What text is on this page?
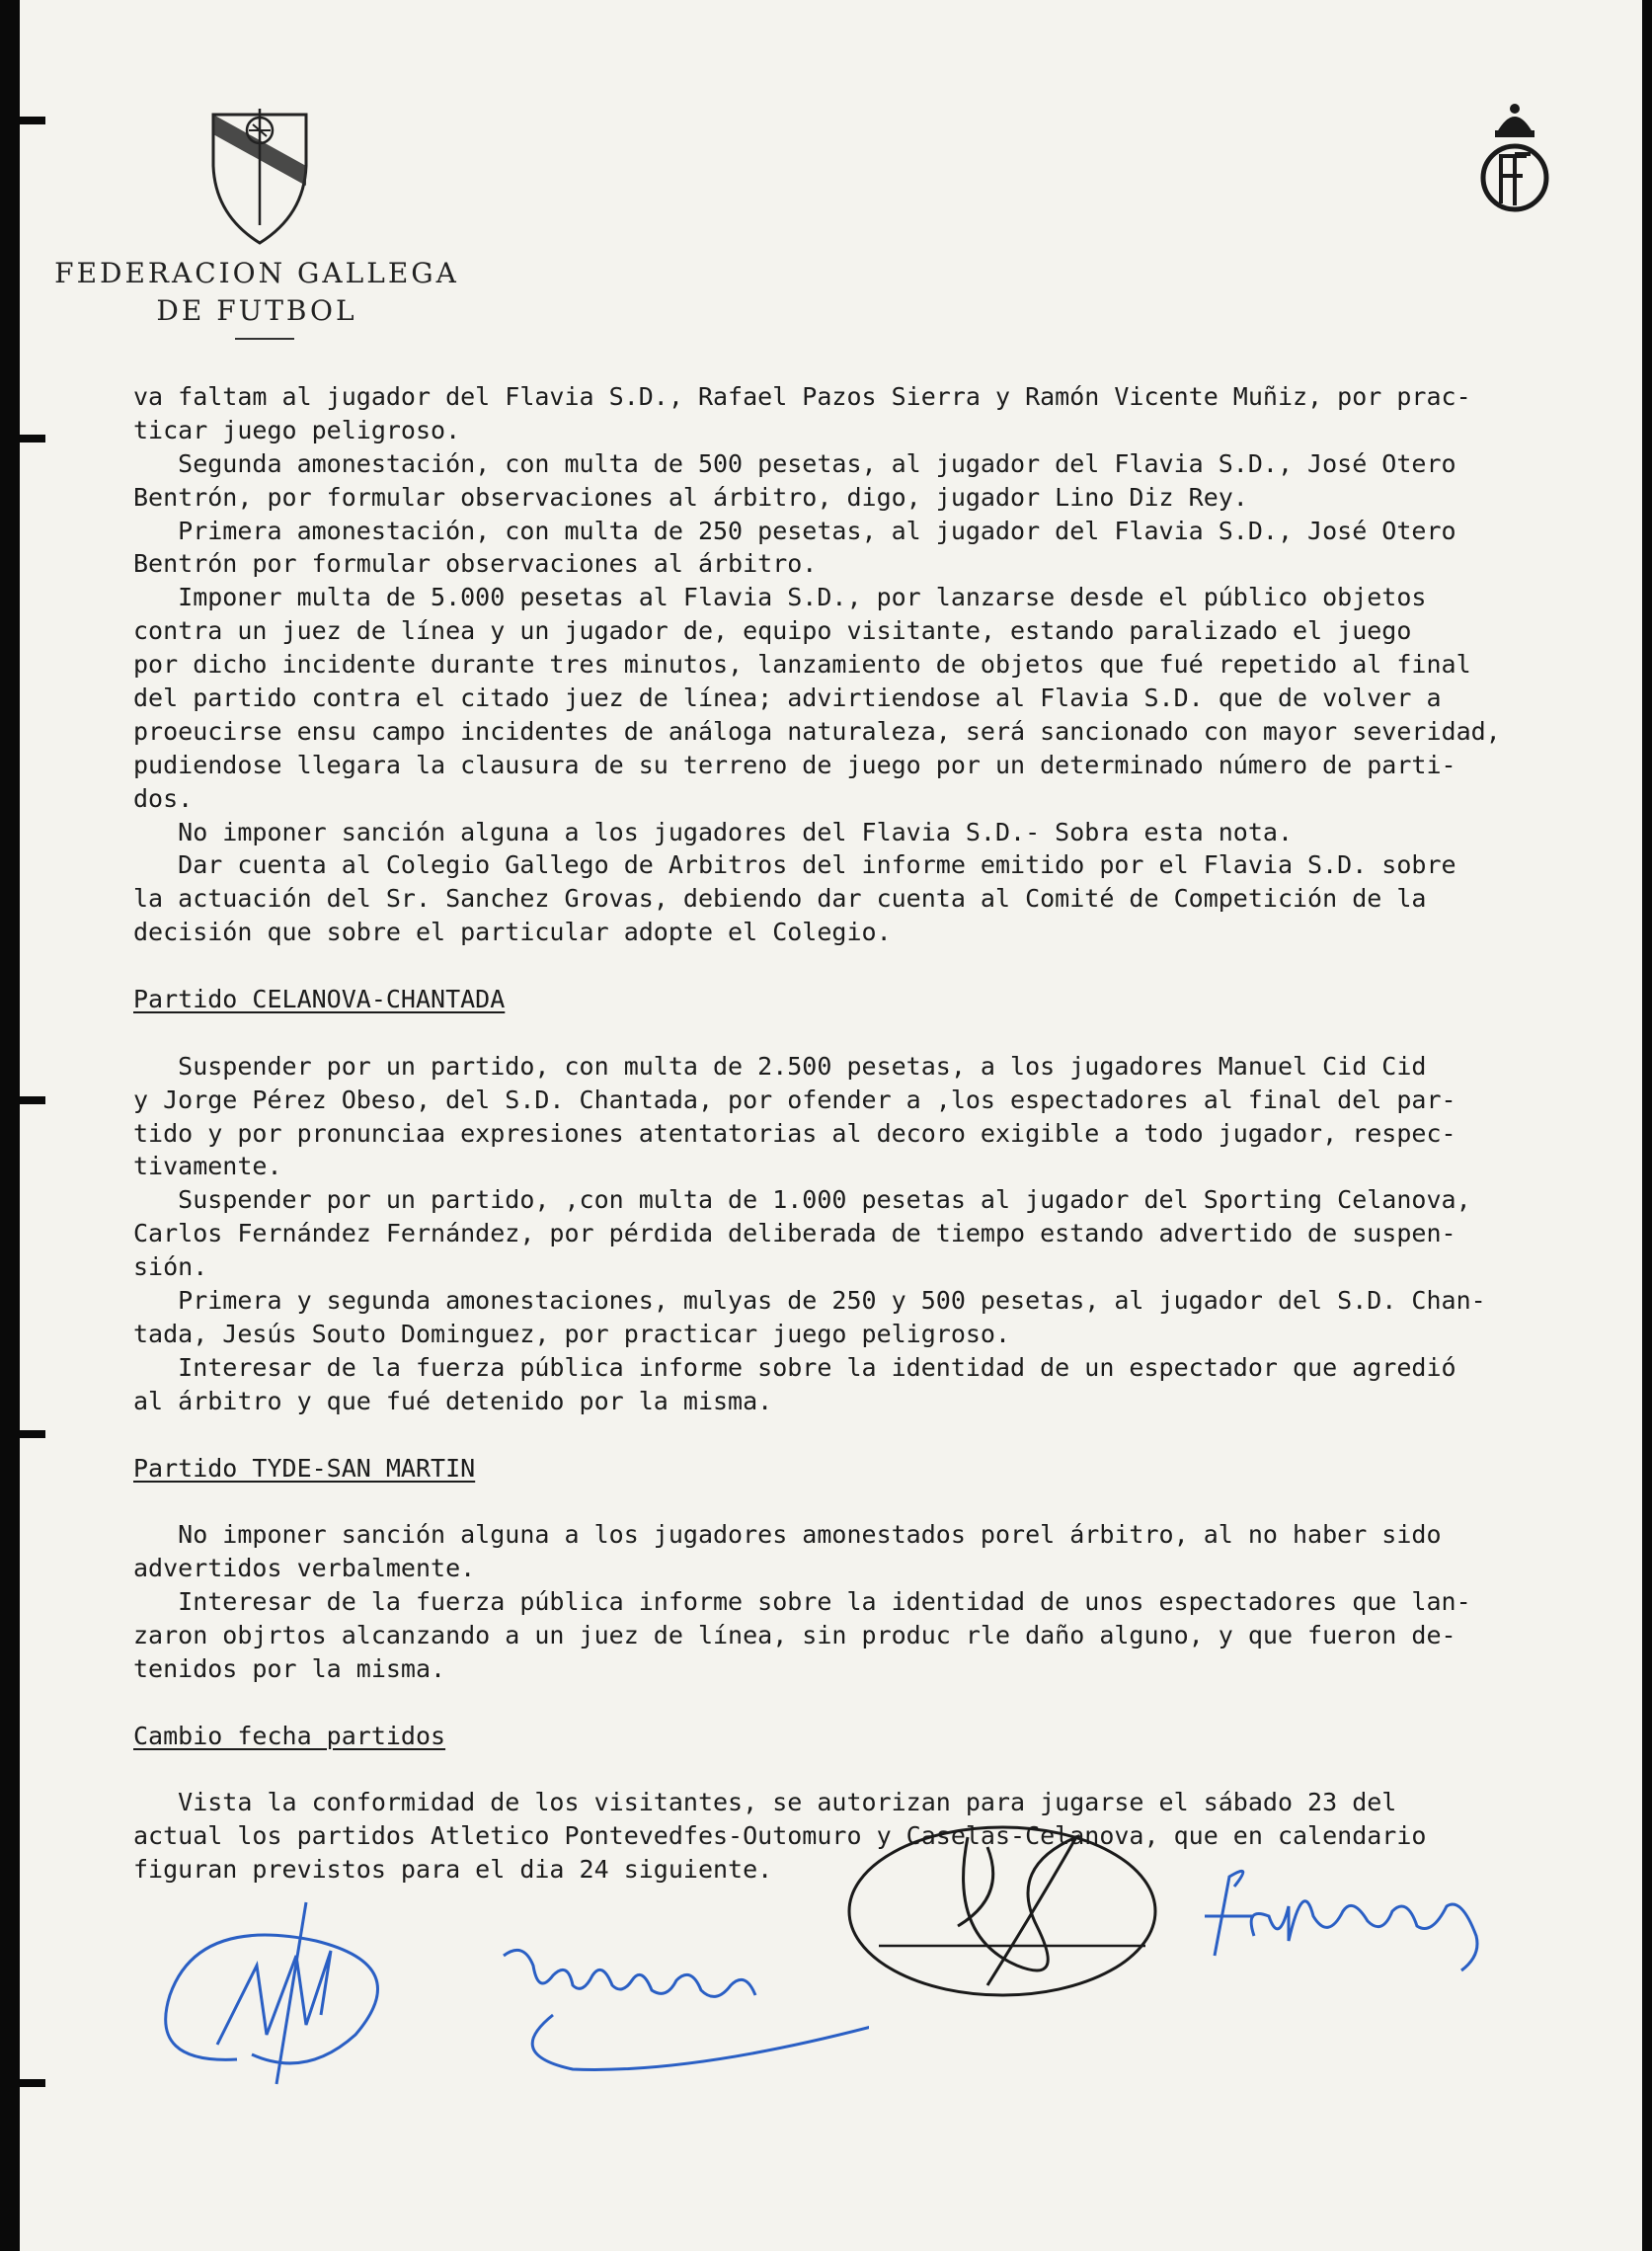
FEDERACION GALLEGA
DE FUTBOL
va faltam al jugador del Flavia S.D., Rafael Pazos Sierra y Ramón Vicente Muñiz, por prac-
ticar juego peligroso.
Segunda amonestación, con multa de 500 pesetas, al jugador del Flavia S.D., José Otero
Bentrón, por formular observaciones al árbitro, digo, jugador Lino Diz Rey.
Primera amonestación, con multa de 250 pesetas, al jugador del Flavia S.D., José Otero
Bentrón por formular observaciones al árbitro.
Imponer multa de 5.000 pesetas al Flavia S.D., por lanzarse desde el público objetos
contra un juez de línea y un jugador de, equipo visitante, estando paralizado el juego
por dicho incidente durante tres minutos, lanzamiento de objetos que fué repetido al final
del partido contra el citado juez de línea; advirtiendose al Flavia S.D. que de volver a
proeucirse ensu campo incidentes de análoga naturaleza, será sancionado con mayor severidad,
pudiendose llegara la clausura de su terreno de juego por un determinado número de parti-
dos.
No imponer sanción alguna a los jugadores del Flavia S.D.- Sobra esta nota.
Dar cuenta al Colegio Gallego de Arbitros del informe emitido por el Flavia S.D. sobre
la actuación del Sr. Sanchez Grovas, debiendo dar cuenta al Comité de Competición de la
decisión que sobre el particular adopte el Colegio.
Partido CELANOVA-CHANTADA
Suspender por un partido, con multa de 2.500 pesetas, a los jugadores Manuel Cid Cid
y Jorge Pérez Obeso, del S.D. Chantada, por ofender a ,los espectadores al final del par-
tido y por pronunciaa expresiones atentatorias al decoro exigible a todo jugador, respec-
tivamente.
Suspender por un partido, ,con multa de 1.000 pesetas al jugador del Sporting Celanova,
Carlos Fernández Fernández, por pérdida deliberada de tiempo estando advertido de suspen-
sión.
Primera y segunda amonestaciones, mulyas de 250 y 500 pesetas, al jugador del S.D. Chan-
tada, Jesús Souto Dominguez, por practicar juego peligroso.
Interesar de la fuerza pública informe sobre la identidad de un espectador que agredió
al árbitro y que fué detenido por la misma.
Partido TYDE-SAN MARTIN
No imponer sanción alguna a los jugadores amonestados porel árbitro, al no haber sido
advertidos verbalmente.
Interesar de la fuerza pública informe sobre la identidad de unos espectadores que lan-
zaron objrtos alcanzando a un juez de línea, sin produc rle daño alguno, y que fueron de-
tenidos por la misma.
Cambio fecha partidos
Vista la conformidad de los visitantes, se autorizan para jugarse el sábado 23 del
actual los partidos Atletico Pontevedfes-Outomuro y Caselas-Celanova, que en calendario
figuran previstos para el dia 24 siguiente.
